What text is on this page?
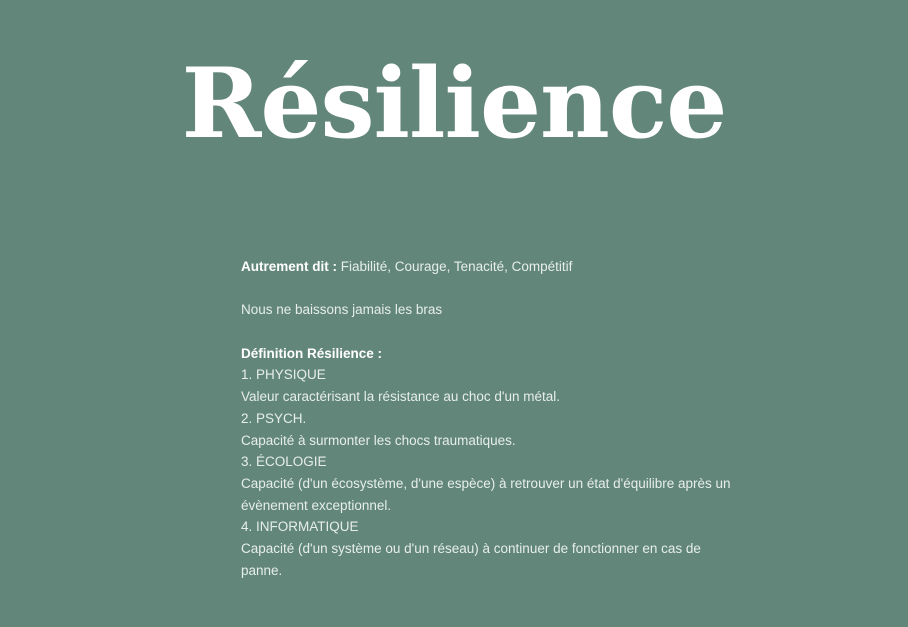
Résilience

Autrement dit : Fiabilité, Courage, Tenacité, Compétitif

Nous ne baissons jamais les bras

Définition Résilience :

1. PHYSIQUE

Valeur caractérisant la résistance au choc d'un métal.

2. PSYCH.

Capacité à surmonter les chocs traumatiques.

3. ÉCOLOGIE

Capacité (d'un écosystème, d'une espèce) à retrouver un état d'équilibre après un évènement exceptionnel.

4. INFORMATIQUE

Capacité (d'un système ou d'un réseau) à continuer de fonctionner en cas de panne.
